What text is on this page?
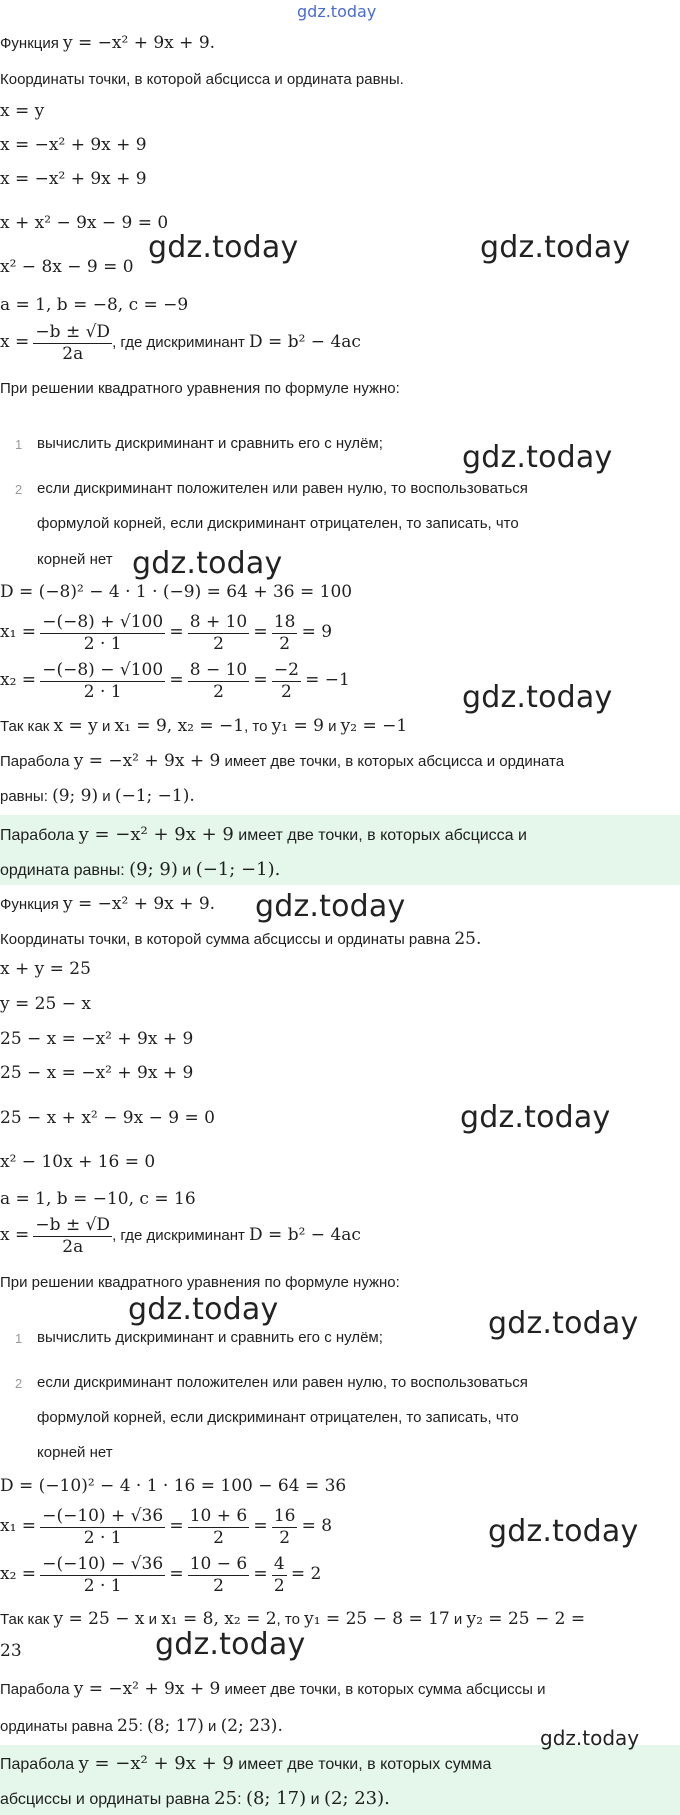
gdz.today
Функция y = −x² + 9x + 9.
Координаты точки, в которой абсцисса и ордината равны.
x = y
x = −x² + 9x + 9
x = −x² + 9x + 9
x + x² − 9x − 9 = 0
x² − 8x − 9 = 0
a = 1, b = −8, c = −9
$x = \frac{-b \pm √D}{2a}$ , где дискриминант D = b² − 4ac
При решении квадратного уравнения по формуле нужно:
1 вычислить дискриминант и сравнить его с нулём;
2 если дискриминант положителен или равен нулю, то воспользоваться
формулой корней, если дискриминант отрицателен, то записать, что
корней нет
D = (−8)² − 4 · 1 · (−9) = 64 + 36 = 100
$x_1 = \frac{-(-8) + √100}{2 \cdot 1} = \frac{8 + 10}{2} = \frac{18}{2} = 9$
$x_2 = \frac{-(-8) - √100}{2 \cdot 1} = \frac{8 - 10}{2} = \frac{-2}{2} = -1$
Так как x = y и x₁ = 9, x₂ = −1, то y₁ = 9 и y₂ = −1
Парабола y = −x² + 9x + 9 имеет две точки, в которых абсцисса и ордината
равны: (9; 9) и (−1; −1).
Парабола y = −x² + 9x + 9 имеет две точки, в которых абсцисса и
ордината равны: (9; 9) и (−1; −1).
Функция y = −x² + 9x + 9.
Координаты точки, в которой сумма абсциссы и ординаты равна 25.
x + y = 25
y = 25 − x
25 − x = −x² + 9x + 9
25 − x = −x² + 9x + 9
25 − x + x² − 9x − 9 = 0
x² − 10x + 16 = 0
a = 1, b = −10, c = 16
$x = \frac{-b \pm √D}{2a}$ , где дискриминант D = b² − 4ac
При решении квадратного уравнения по формуле нужно:
1 вычислить дискриминант и сравнить его с нулём;
2 если дискриминант положителен или равен нулю, то воспользоваться
формулой корней, если дискриминант отрицателен, то записать, что
корней нет
D = (−10)² − 4 · 1 · 16 = 100 − 64 = 36
$x_1 = \frac{-(-10) + √36}{2 \cdot 1} = \frac{10 + 6}{2} = \frac{16}{2} = 8$
$x_2 = \frac{-(-10) - √36}{2 \cdot 1} = \frac{10 - 6}{2} = \frac{4}{2} = 2$
Так как y = 25 − x и x₁ = 8, x₂ = 2, то y₁ = 25 − 8 = 17 и y₂ = 25 − 2 =
23
Парабола y = −x² + 9x + 9 имеет две точки, в которых сумма абсциссы и
ординаты равна 25: (8; 17) и (2; 23).
Парабола y = −x² + 9x + 9 имеет две точки, в которых сумма
абсциссы и ординаты равна 25: (8; 17) и (2; 23).
gdz.today	gdz.today
gdz.today
gdz.today
gdz.today
gdz.today
gdz.today
gdz.today	gdz.today
gdz.today
gdz.today
gdz.today
